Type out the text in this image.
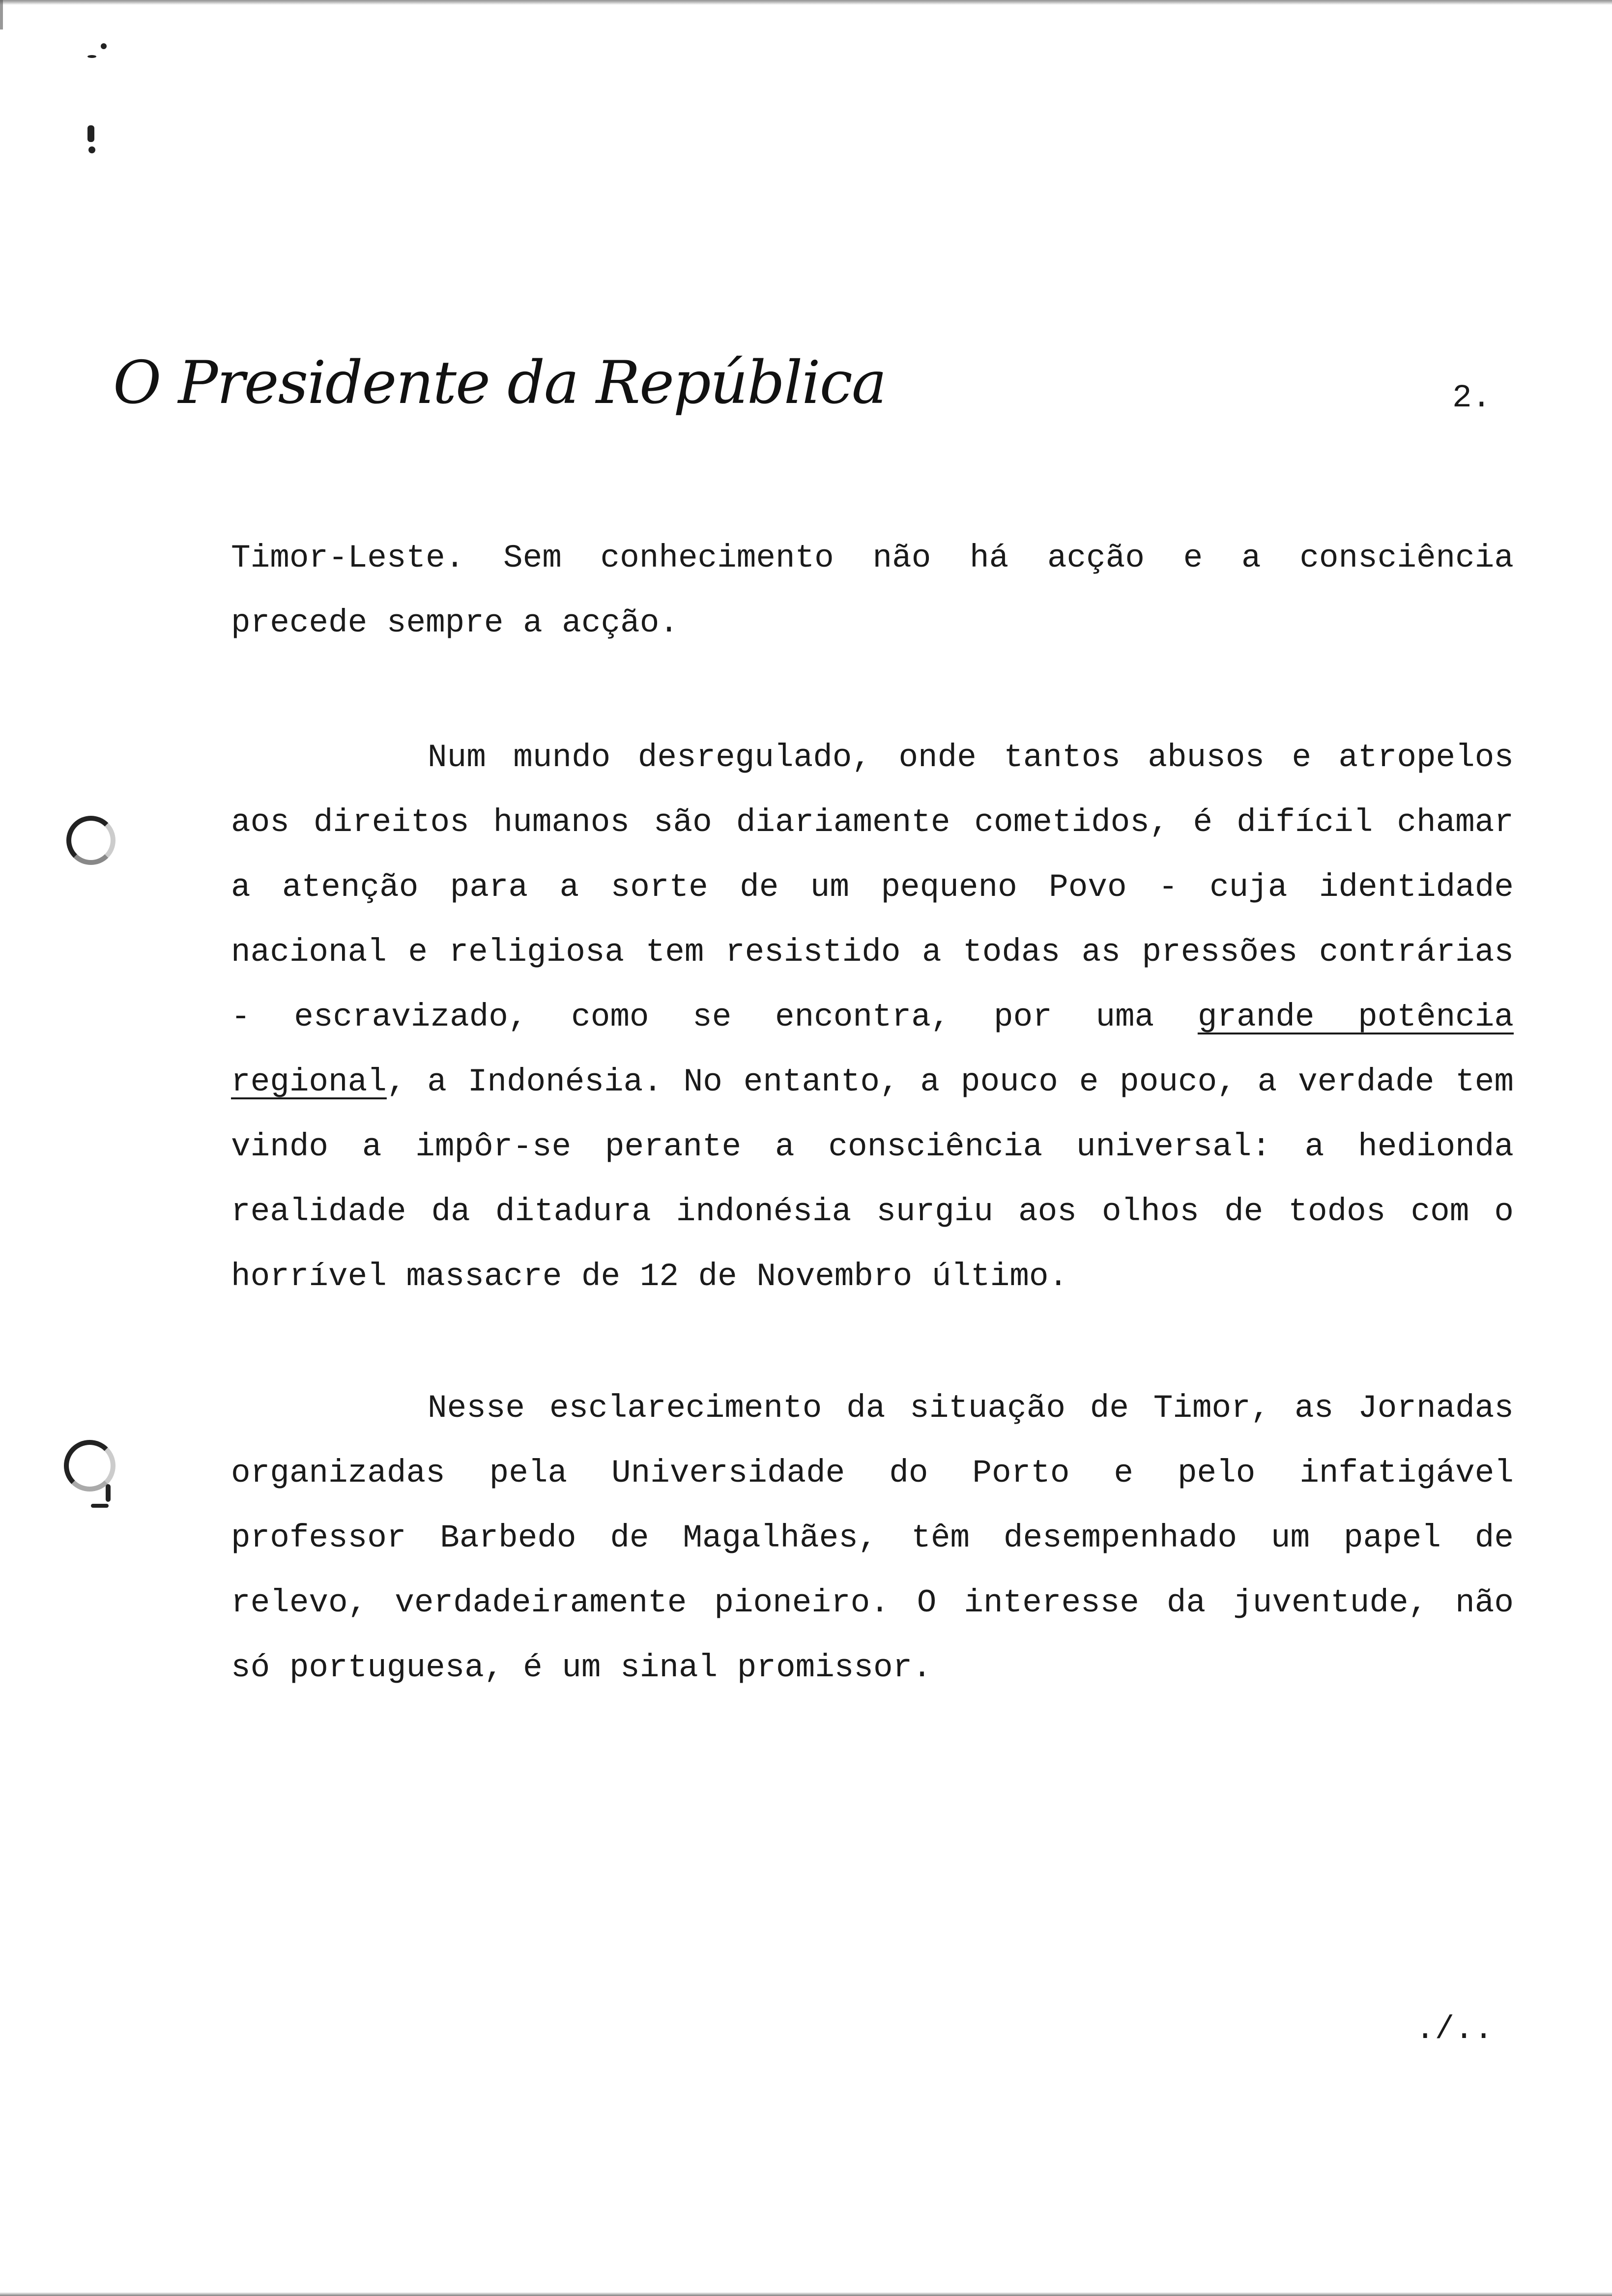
O Presidente da República	2.

Timor-Leste. Sem conhecimento não há acção e a consciência precede sempre a acção.

Num mundo desregulado, onde tantos abusos e atropelos aos direitos humanos são diariamente cometidos, é difícil chamar a atenção para a sorte de um pequeno Povo - cuja identidade nacional e religiosa tem resistido a todas as pressões contrárias - escravizado, como se encontra, por uma grande potência regional, a Indonésia. No entanto, a pouco e pouco, a verdade tem vindo a impôr-se perante a consciência universal: a hedionda realidade da ditadura indonésia surgiu aos olhos de todos com o horrível massacre de 12 de Novembro último.

Nesse esclarecimento da situação de Timor, as Jornadas organizadas pela Universidade do Porto e pelo infatigável professor Barbedo de Magalhães, têm desempenhado um papel de relevo, verdadeiramente pioneiro. O interesse da juventude, não só portuguesa, é um sinal promissor.

./..
